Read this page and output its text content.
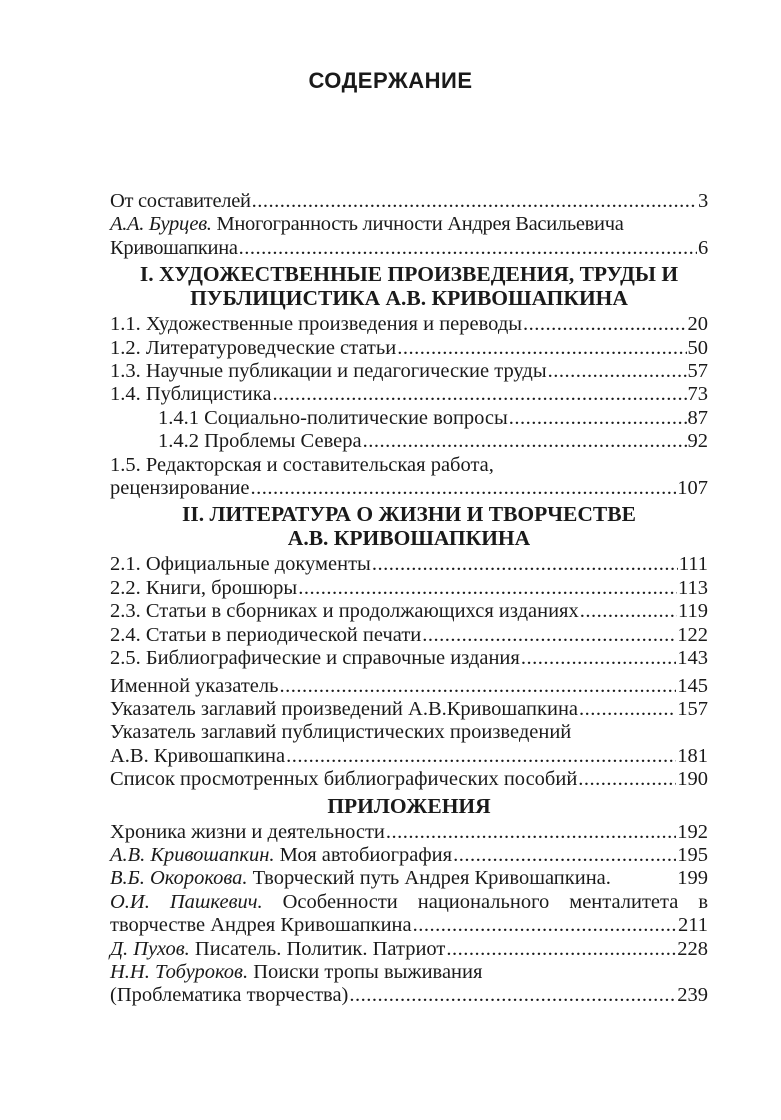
СОДЕРЖАНИЕ
От составителей .....	3
А.А. Бурцев.
Многогранность личности Андрея Васильевича
Кривошапкина .....	6
I. ХУДОЖЕСТВЕННЫЕ ПРОИЗВЕДЕНИЯ, ТРУДЫ И
ПУБЛИЦИСТИКА А.В. КРИВОШАПКИНА
1.1. Художественные произведения и переводы .....	20
1.2. Литературоведческие статьи .....	50
1.3. Научные публикации и педагогические труды .....	57
1.4. Публицистика .....	73
1.4.1 Социально-политические вопросы .....	87
1.4.2 Проблемы Севера .....	92
1.5. Редакторская и составительская работа,
рецензирование .....	107
II. ЛИТЕРАТУРА О ЖИЗНИ И ТВОРЧЕСТВЕ
А.В. КРИВОШАПКИНА
2.1. Официальные документы .....	111
2.2. Книги, брошюры .....	113
2.3. Статьи в сборниках и продолжающихся изданиях .....	119
2.4. Статьи в периодической печати .....	122
2.5. Библиографические и справочные издания .....	143
Именной указатель .....	145
Указатель заглавий произведений А.В.Кривошапкина .....	157
Указатель заглавий публицистических произведений
А.В. Кривошапкина .....	181
Список просмотренных библиографических пособий .....	190
ПРИЛОЖЕНИЯ
Хроника жизни и деятельности .....	192
А.В. Кривошапкин.
Моя автобиография .....	195
В.Б. Окорокова.
Творческий путь Андрея Кривошапкина.	199
О.И. Пашкевич. Особенности национального менталитета в
творчестве Андрея Кривошапкина .....	211
Д. Пухов.
Писатель. Политик. Патриот .....	228
Н.Н. Тобуроков.
Поиски тропы выживания
(Проблематика творчества) .....	239
